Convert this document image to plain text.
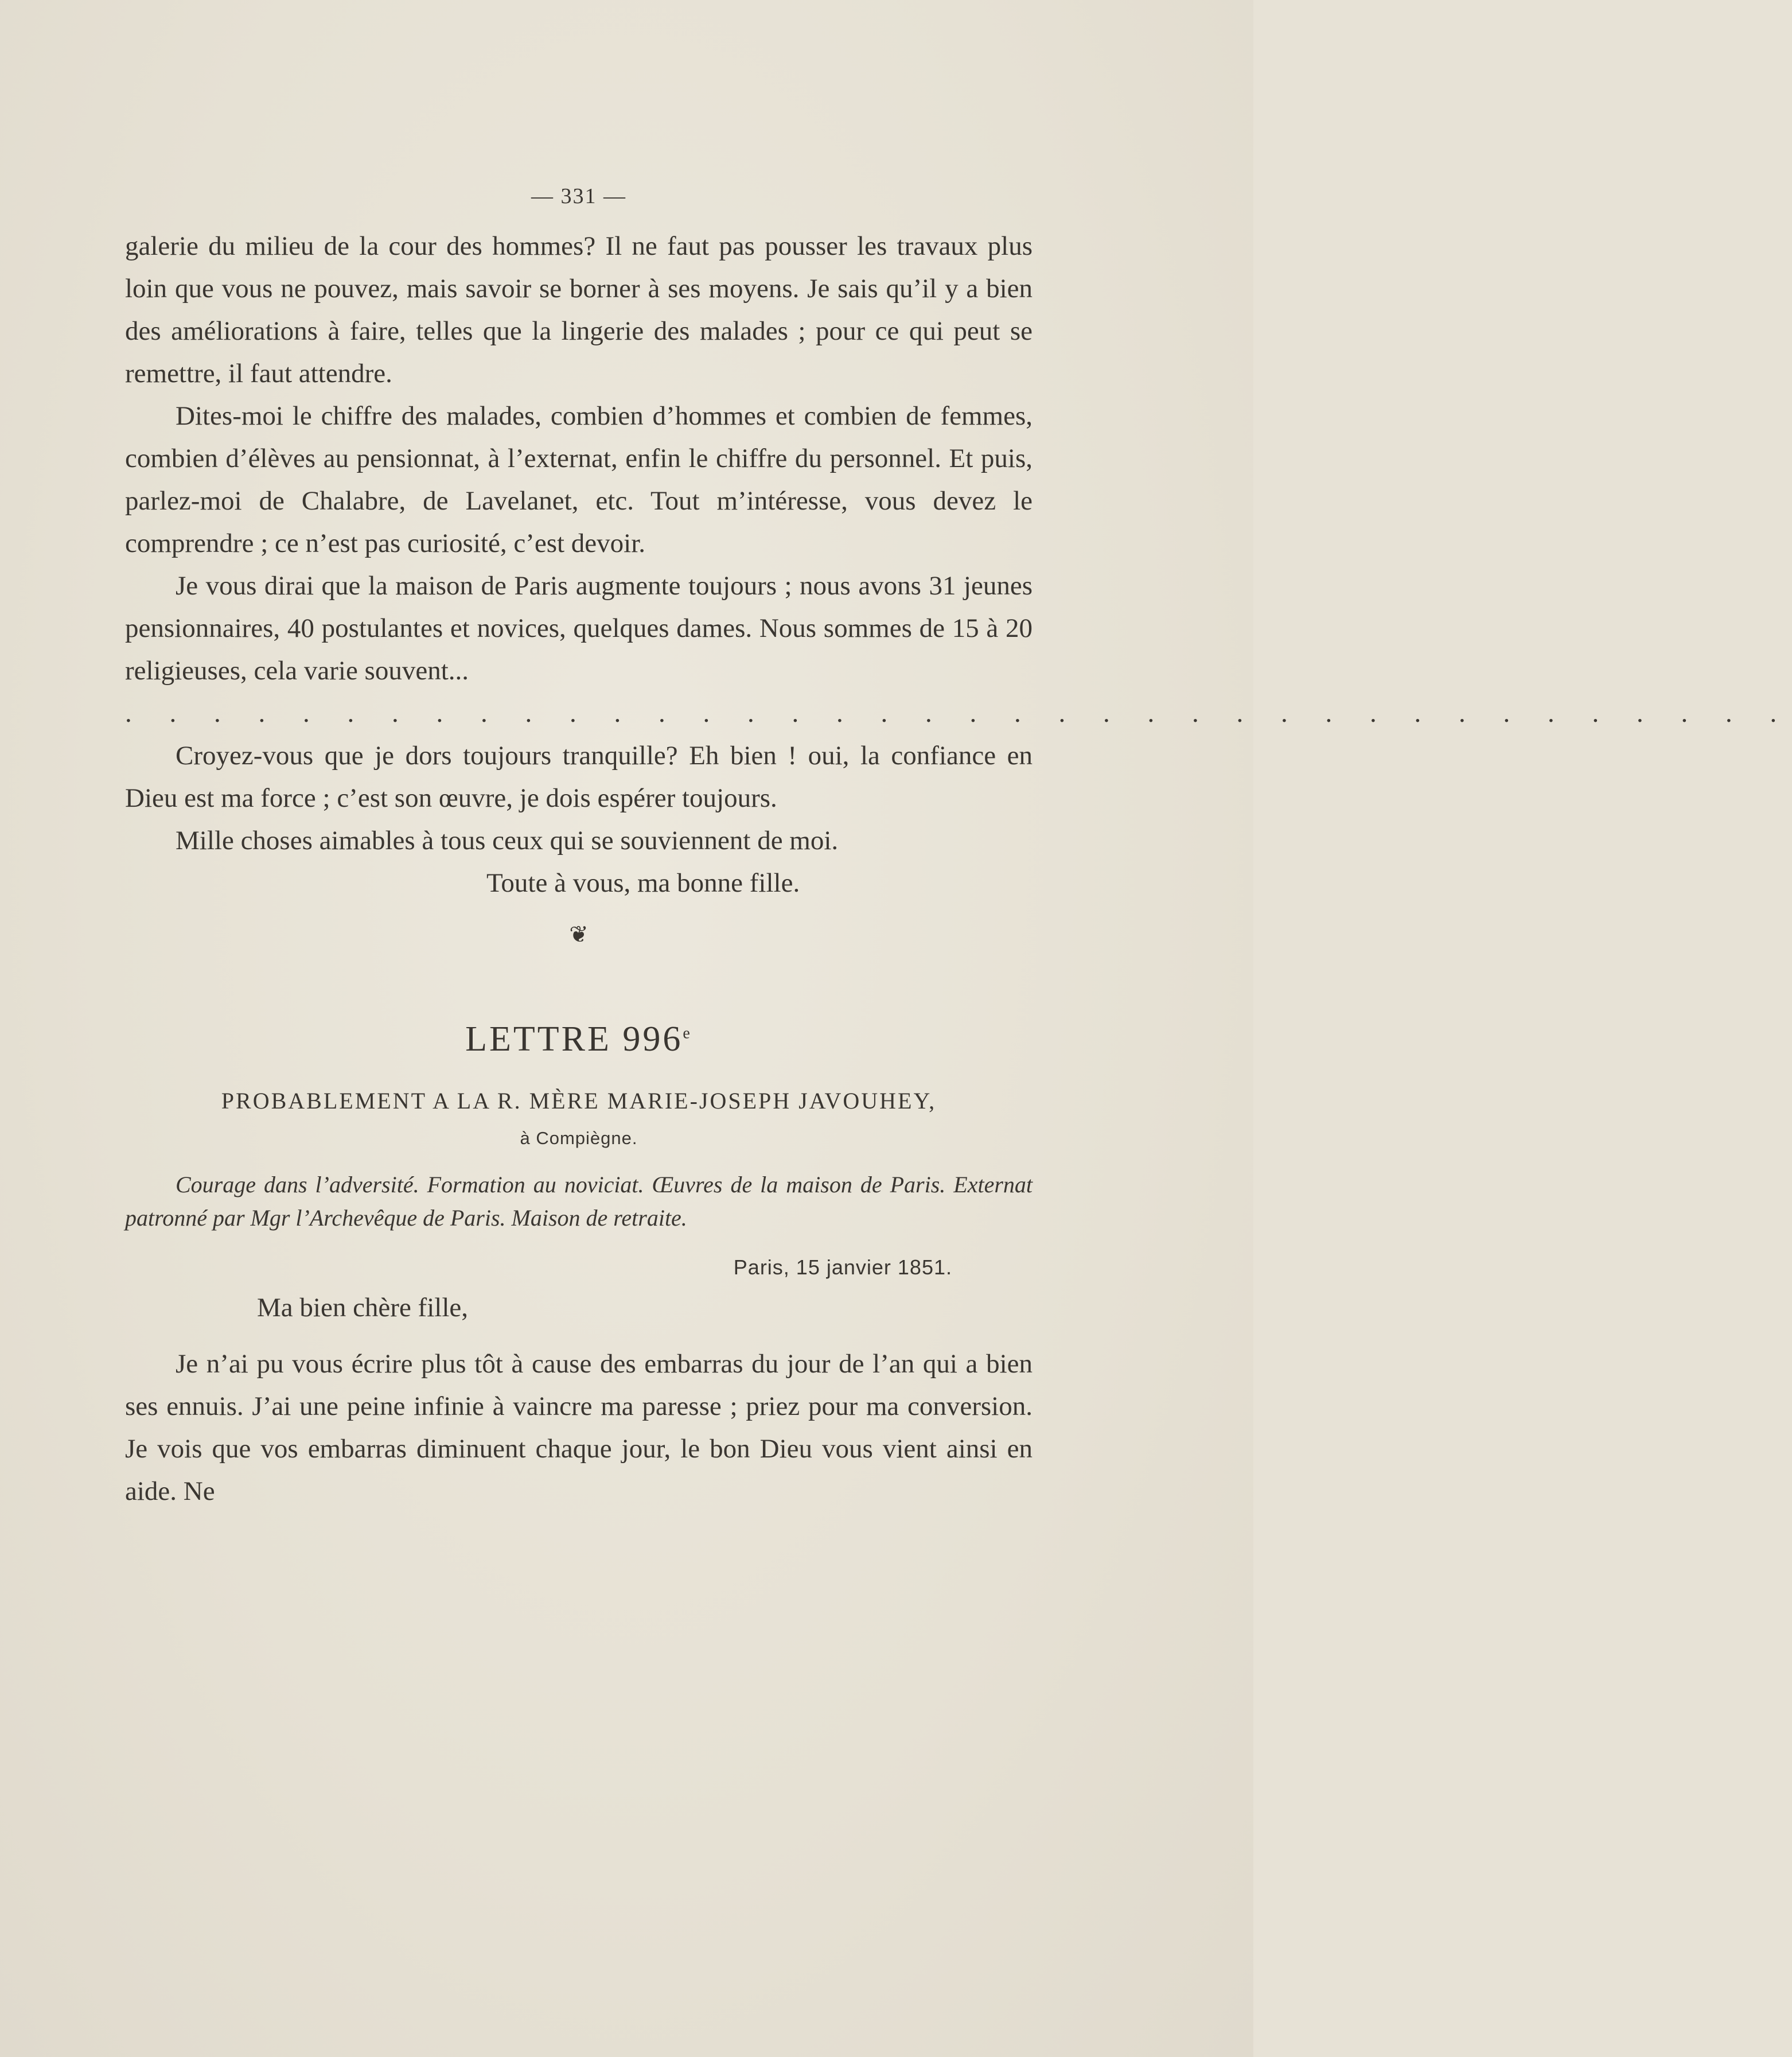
— 331 —

galerie du milieu de la cour des hommes? Il ne faut pas pousser les travaux plus loin que vous ne pouvez, mais savoir se borner à ses moyens. Je sais qu’il y a bien des améliorations à faire, telles que la lingerie des malades ; pour ce qui peut se remettre, il faut attendre.

Dites-moi le chiffre des malades, combien d’hommes et combien de femmes, combien d’élèves au pensionnat, à l’externat, enfin le chiffre du personnel. Et puis, parlez-moi de Chalabre, de Lavelanet, etc. Tout m’intéresse, vous devez le comprendre ; ce n’est pas curiosité, c’est devoir.

Je vous dirai que la maison de Paris augmente toujours ; nous avons 31 jeunes pensionnaires, 40 postulantes et novices, quelques dames. Nous sommes de 15 à 20 religieuses, cela varie souvent...

. . . . . . . . . . . . . . . . . . . . . . . . . . . . . . . . . . . . . .

Croyez-vous que je dors toujours tranquille? Eh bien ! oui, la confiance en Dieu est ma force ; c’est son œuvre, je dois espérer toujours.

Mille choses aimables à tous ceux qui se souviennent de moi.

Toute à vous, ma bonne fille.
❦
LETTRE 996e
PROBABLEMENT A LA R. MÈRE MARIE-JOSEPH JAVOUHEY,
à Compiègne.
Courage dans l’adversité. Formation au noviciat. Œuvres de la maison de Paris. Externat patronné par Mgr l’Archevêque de Paris. Maison de retraite.
Paris, 15 janvier 1851.
Ma bien chère fille,

Je n’ai pu vous écrire plus tôt à cause des embarras du jour de l’an qui a bien ses ennuis. J’ai une peine infinie à vaincre ma paresse ; priez pour ma conversion. Je vois que vos embarras diminuent chaque jour, le bon Dieu vous vient ainsi en aide. Ne
